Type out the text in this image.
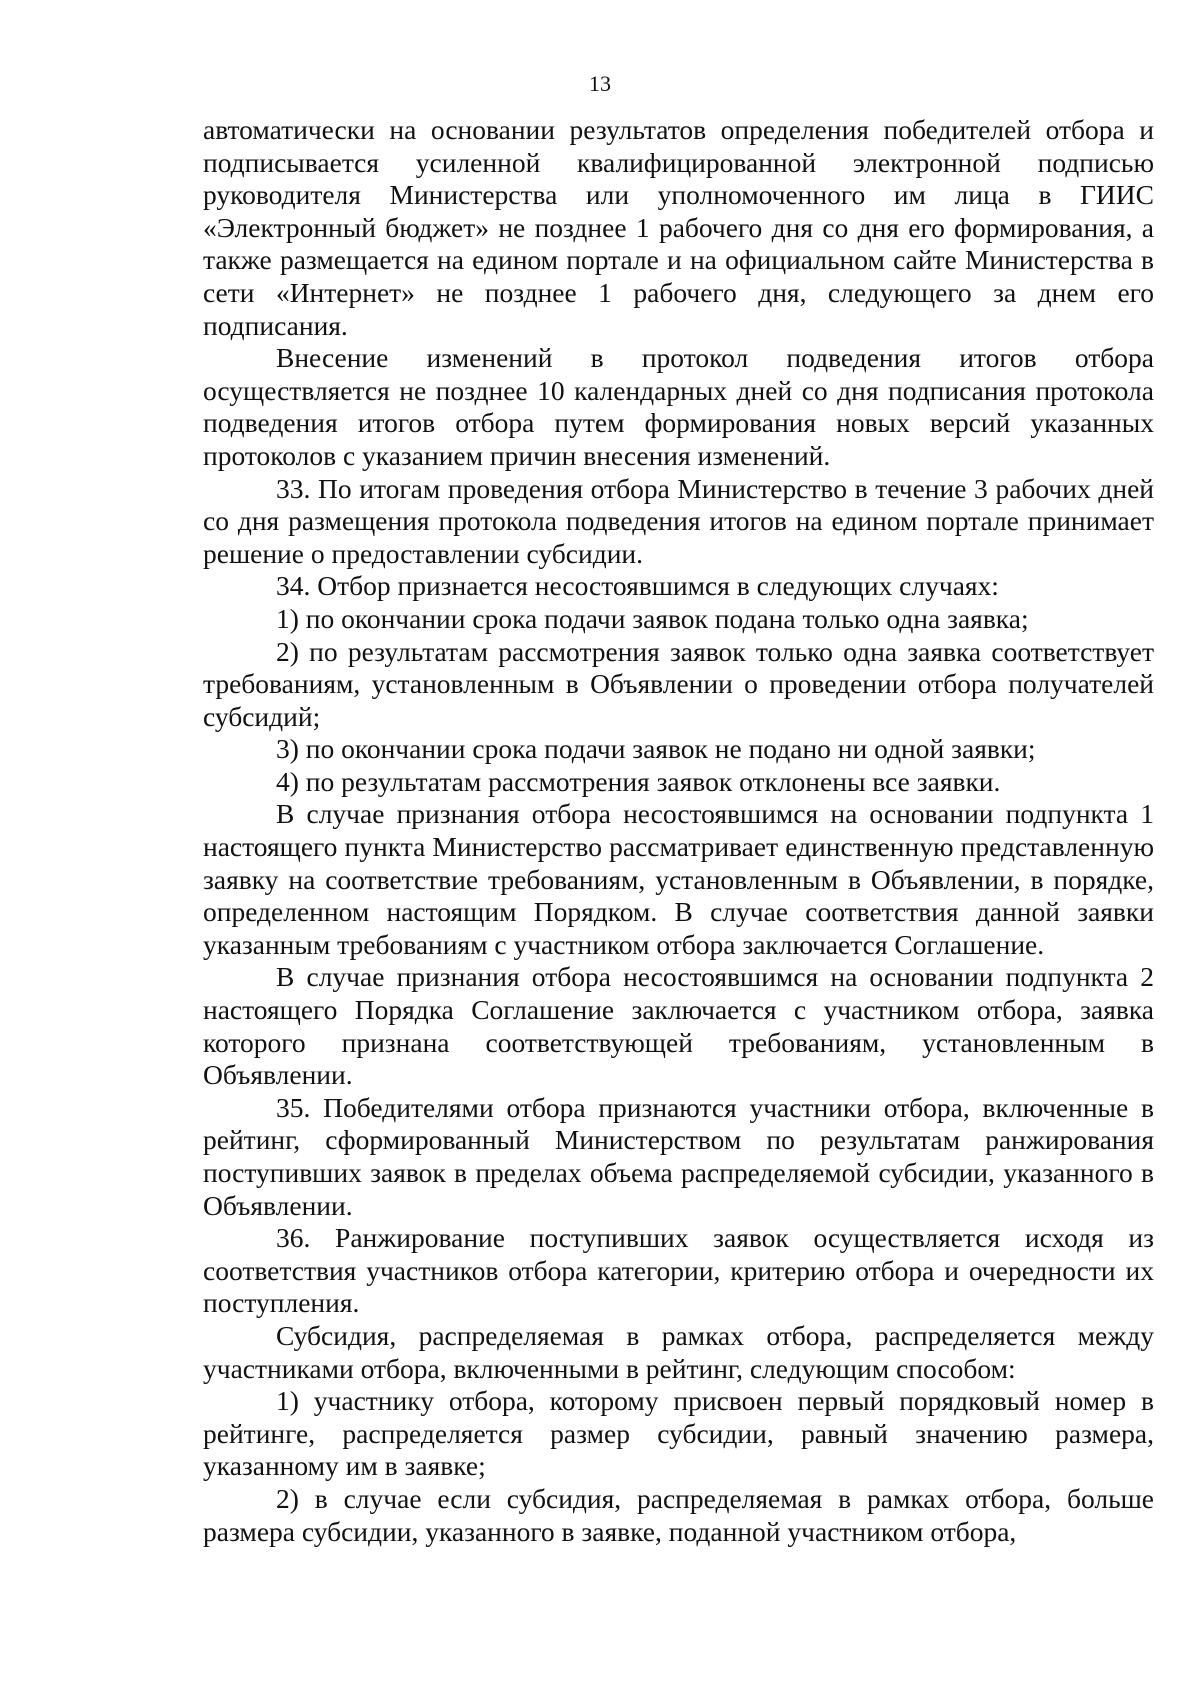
13

автоматически на основании результатов определения победителей отбора и подписывается усиленной квалифицированной электронной подписью руководителя Министерства или уполномоченного им лица в ГИИС «Электронный бюджет» не позднее 1 рабочего дня со дня его формирования, а также размещается на едином портале и на официальном сайте Министерства в сети «Интернет» не позднее 1 рабочего дня, следующего за днем его подписания.

Внесение изменений в протокол подведения итогов отбора осуществляется не позднее 10 календарных дней со дня подписания протокола подведения итогов отбора путем формирования новых версий указанных протоколов с указанием причин внесения изменений.

33. По итогам проведения отбора Министерство в течение 3 рабочих дней со дня размещения протокола подведения итогов на едином портале принимает решение о предоставлении субсидии.

34. Отбор признается несостоявшимся в следующих случаях:

1) по окончании срока подачи заявок подана только одна заявка;

2) по результатам рассмотрения заявок только одна заявка соответствует требованиям, установленным в Объявлении о проведении отбора получателей субсидий;

3) по окончании срока подачи заявок не подано ни одной заявки;

4) по результатам рассмотрения заявок отклонены все заявки.

В случае признания отбора несостоявшимся на основании подпункта 1 настоящего пункта Министерство рассматривает единственную представленную заявку на соответствие требованиям, установленным в Объявлении, в порядке, определенном настоящим Порядком. В случае соответствия данной заявки указанным требованиям с участником отбора заключается Соглашение.

В случае признания отбора несостоявшимся на основании подпункта 2 настоящего Порядка Соглашение заключается с участником отбора, заявка которого признана соответствующей требованиям, установленным в Объявлении.

35. Победителями отбора признаются участники отбора, включенные в рейтинг, сформированный Министерством по результатам ранжирования поступивших заявок в пределах объема распределяемой субсидии, указанного в Объявлении.

36. Ранжирование поступивших заявок осуществляется исходя из соответствия участников отбора категории, критерию отбора и очередности их поступления.

Субсидия, распределяемая в рамках отбора, распределяется между участниками отбора, включенными в рейтинг, следующим способом:

1) участнику отбора, которому присвоен первый порядковый номер в рейтинге, распределяется размер субсидии, равный значению размера, указанному им в заявке;

2) в случае если субсидия, распределяемая в рамках отбора, больше размера субсидии, указанного в заявке, поданной участником отбора,
